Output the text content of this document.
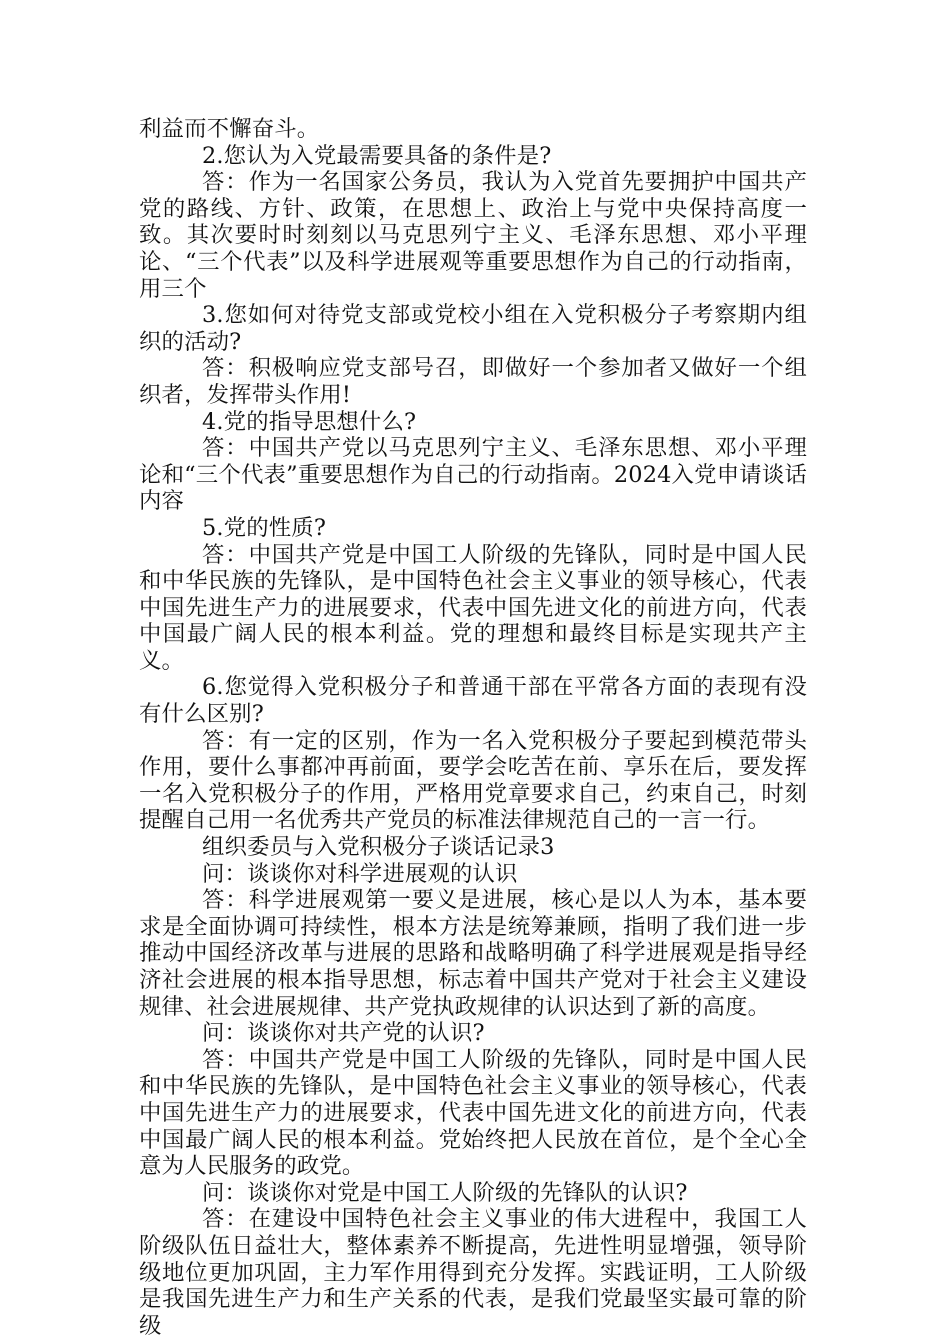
利益而不懈奋斗。

2.您认为入党最需要具备的条件是?

答：作为一名国家公务员，我认为入党首先要拥护中国共产党的路线、方针、政策，在思想上、政治上与党中央保持高度一致。其次要时时刻刻以马克思列宁主义、毛泽东思想、邓小平理论、“三个代表”以及科学进展观等重要思想作为自己的行动指南，用三个

3.您如何对待党支部或党校小组在入党积极分子考察期内组织的活动?

答：积极响应党支部号召，即做好一个参加者又做好一个组织者，发挥带头作用!

4.党的指导思想什么?

答：中国共产党以马克思列宁主义、毛泽东思想、邓小平理论和“三个代表”重要思想作为自己的行动指南。2024入党申请谈话内容

5.党的性质?

答：中国共产党是中国工人阶级的先锋队，同时是中国人民和中华民族的先锋队，是中国特色社会主义事业的领导核心，代表中国先进生产力的进展要求，代表中国先进文化的前进方向，代表中国最广阔人民的根本利益。党的理想和最终目标是实现共产主义。

6.您觉得入党积极分子和普通干部在平常各方面的表现有没有什么区别?

答：有一定的区别，作为一名入党积极分子要起到模范带头作用，要什么事都冲再前面，要学会吃苦在前、享乐在后，要发挥一名入党积极分子的作用，严格用党章要求自己，约束自己，时刻提醒自己用一名优秀共产党员的标准法律规范自己的一言一行。

组织委员与入党积极分子谈话记录3

问：谈谈你对科学进展观的认识

答：科学进展观第一要义是进展，核心是以人为本，基本要求是全面协调可持续性，根本方法是统筹兼顾，指明了我们进一步推动中国经济改革与进展的思路和战略明确了科学进展观是指导经济社会进展的根本指导思想，标志着中国共产党对于社会主义建设规律、社会进展规律、共产党执政规律的认识达到了新的高度。

问：谈谈你对共产党的认识?

答：中国共产党是中国工人阶级的先锋队，同时是中国人民和中华民族的先锋队，是中国特色社会主义事业的领导核心，代表中国先进生产力的进展要求，代表中国先进文化的前进方向，代表中国最广阔人民的根本利益。党始终把人民放在首位，是个全心全意为人民服务的政党。

问：谈谈你对党是中国工人阶级的先锋队的认识?

答：在建设中国特色社会主义事业的伟大进程中，我国工人阶级队伍日益壮大，整体素养不断提高，先进性明显增强，领导阶级地位更加巩固，主力军作用得到充分发挥。实践证明，工人阶级是我国先进生产力和生产关系的代表，是我们党最坚实最可靠的阶级
